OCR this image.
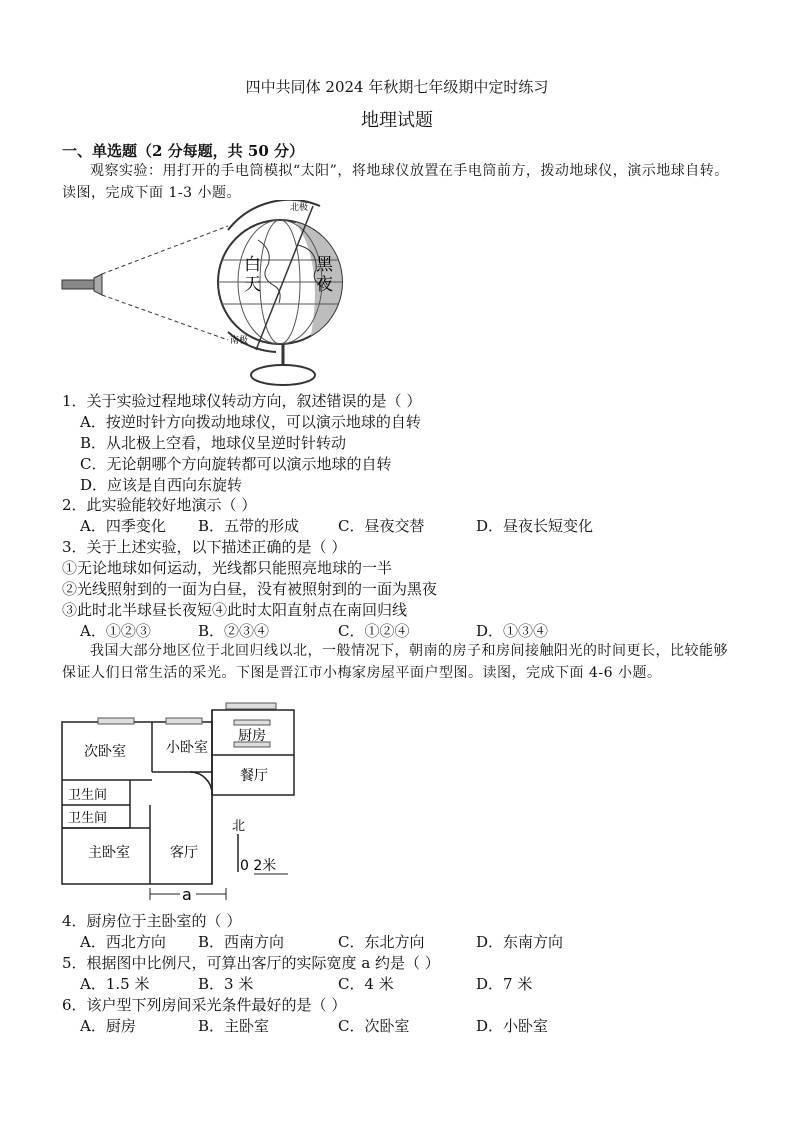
四中共同体 2024 年秋期七年级期中定时练习
地理试题
一、单选题（2 分每题，共 50 分）
观察实验：用打开的手电筒模拟“太阳”，将地球仪放置在手电筒前方，拨动地球仪，演示地球自转。读图，完成下面 1-3 小题。
北极
南极
白
天
黑
夜
1．关于实验过程地球仪转动方向，叙述错误的是（ ）
A．按逆时针方向拨动地球仪，可以演示地球的自转
B．从北极上空看，地球仪呈逆时针转动
C．无论朝哪个方向旋转都可以演示地球的自转
D．应该是自西向东旋转
2．此实验能较好地演示（ ）
A．四季变化 B．五带的形成	C．昼夜交替	D．昼夜长短变化
3．关于上述实验，以下描述正确的是（ ）
①无论地球如何运动，光线都只能照亮地球的一半
②光线照射到的一面为白昼，没有被照射到的一面为黑夜
③此时北半球昼长夜短④此时太阳直射点在南回归线
A．①②③	B．②③④	C．①②④	D．①③④
我国大部分地区位于北回归线以北，一般情况下，朝南的房子和房间接触阳光的时间更长，比较能够保证人们日常生活的采光。下图是晋江市小梅家房屋平面户型图。读图，完成下面 4-6 小题。
次卧室	小卧室
厨房
餐厅
卫生间
卫生间
主卧室	客厅
北
0 2米
a
4．厨房位于主卧室的（ ）
A．西北方向 B．西南方向	C．东北方向	D．东南方向
5．根据图中比例尺，可算出客厅的实际宽度 a 约是（ ）
A．1.5 米	B．3 米	C．4 米	D．7 米
6．该户型下列房间采光条件最好的是（ ）
A．厨房	B．主卧室	C．次卧室	D．小卧室
